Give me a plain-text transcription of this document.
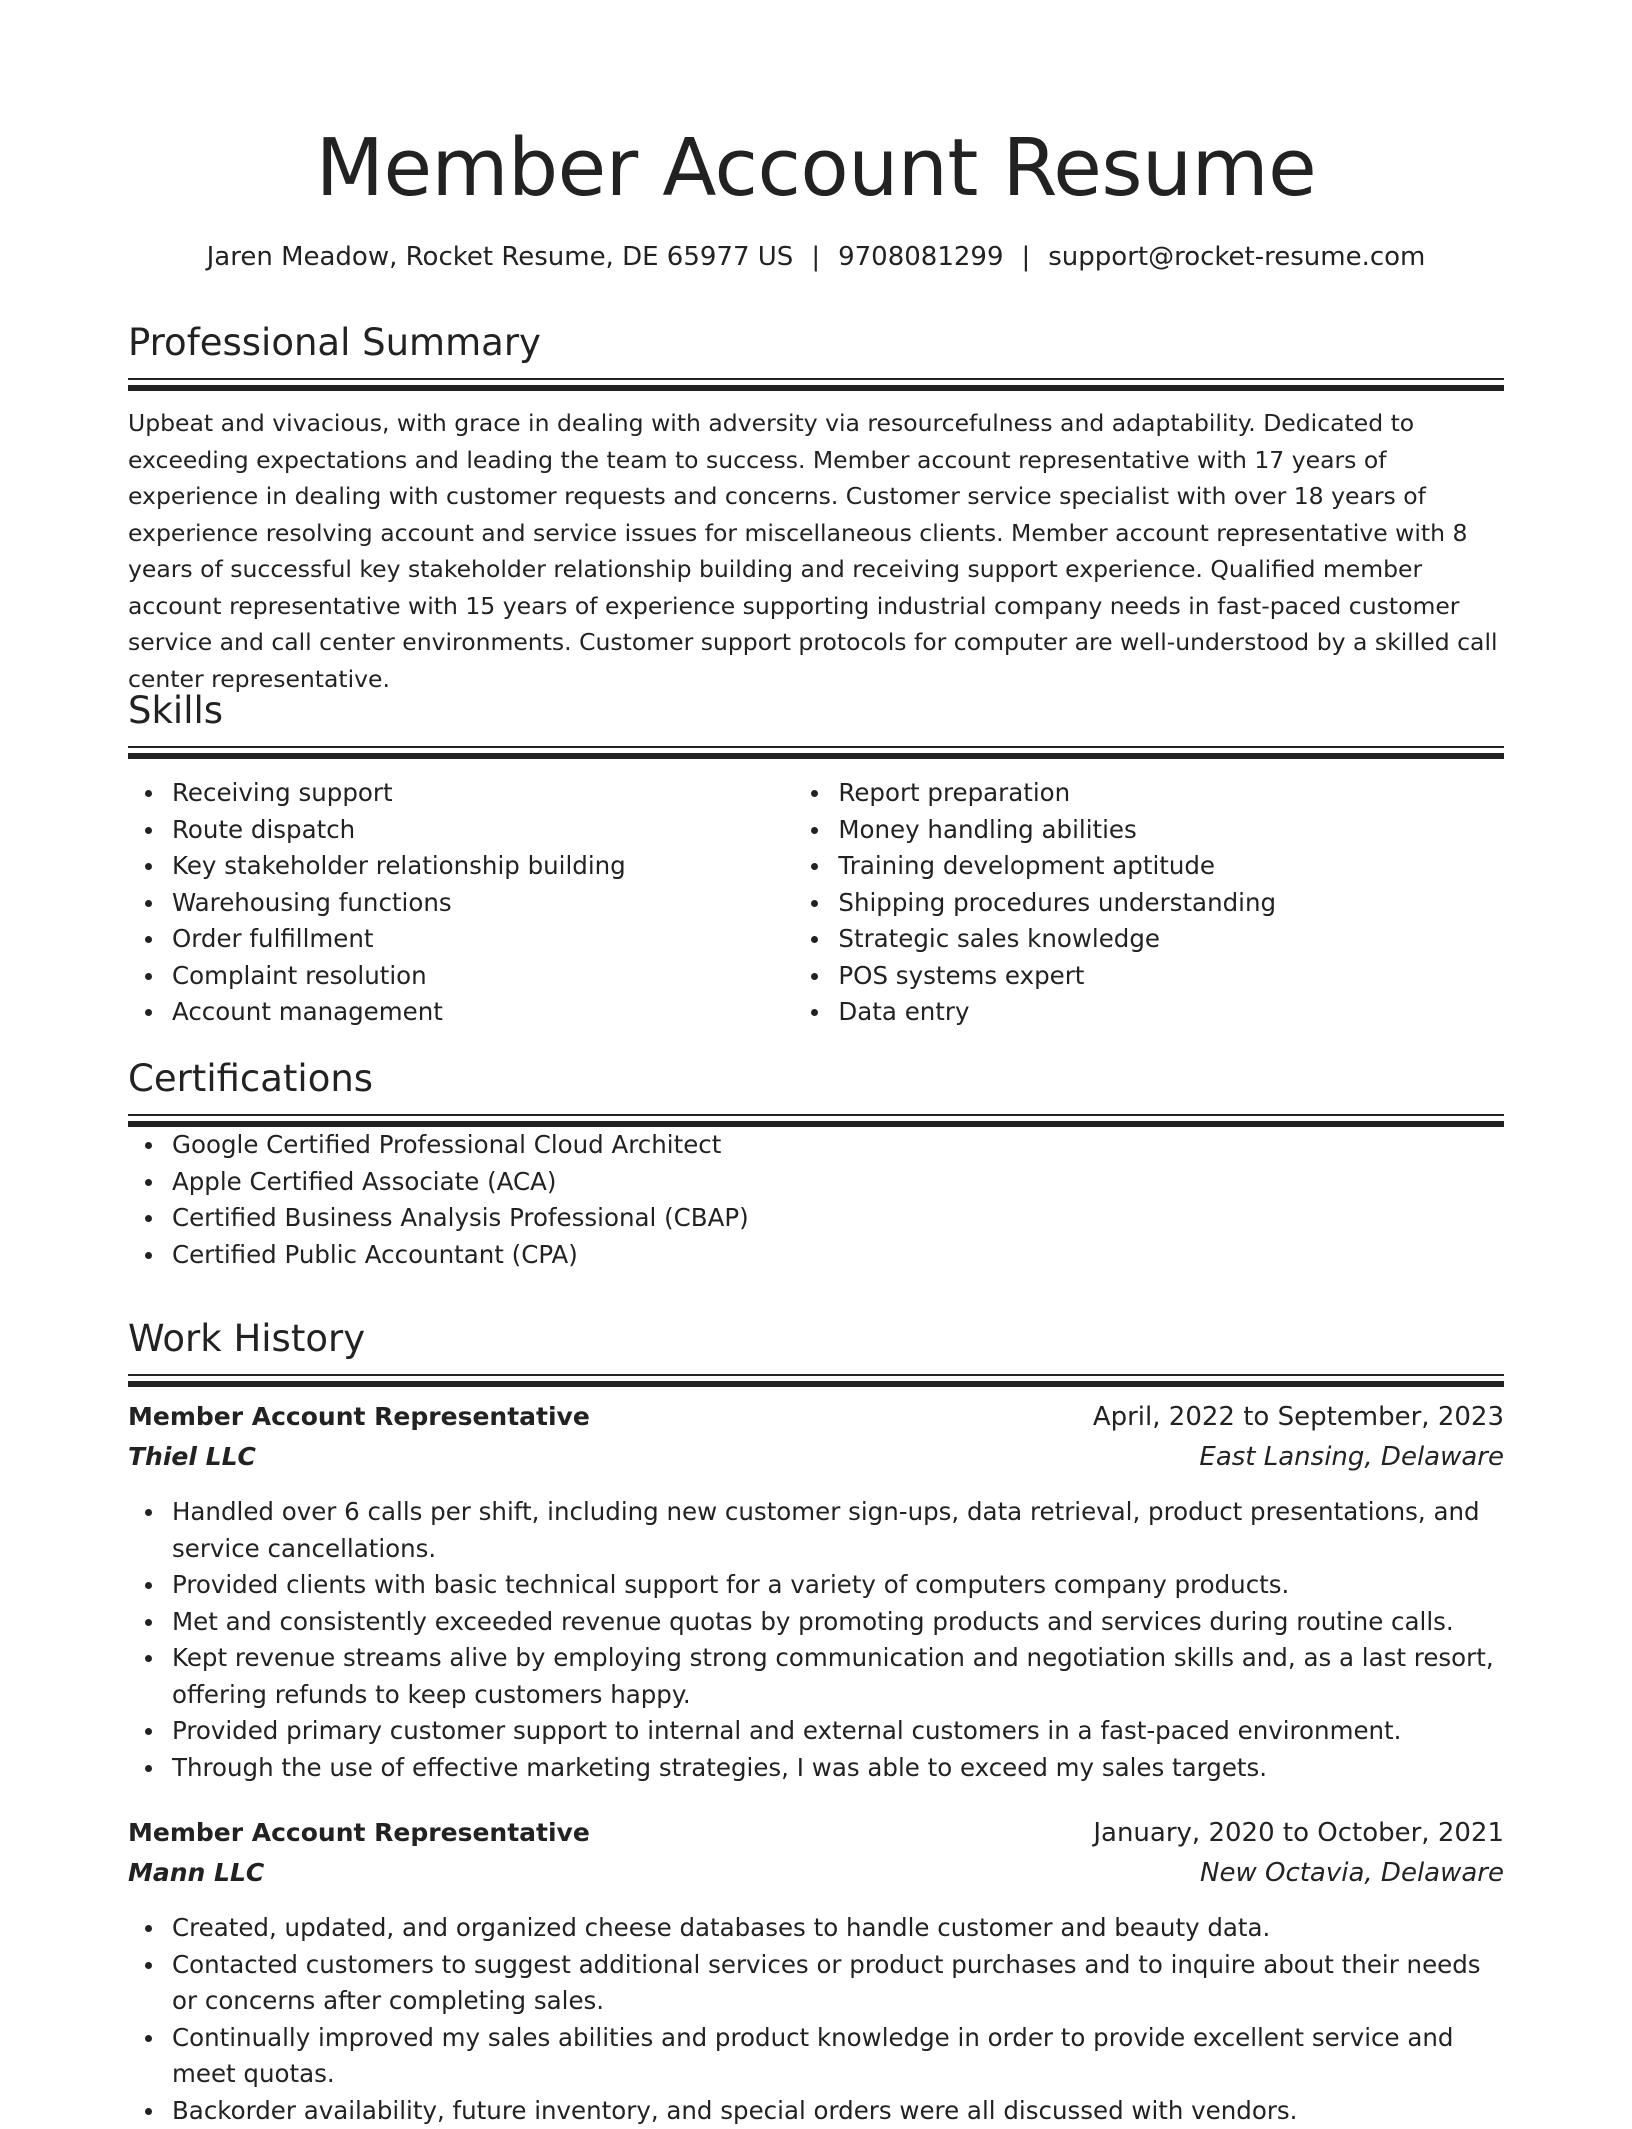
Member Account Resume
Jaren Meadow, Rocket Resume, DE 65977 US | 9708081299 | support@rocket-resume.com
Professional Summary

Upbeat and vivacious, with grace in dealing with adversity via resourcefulness and adaptability. Dedicated to exceeding expectations and leading the team to success. Member account representative with 17 years of experience in dealing with customer requests and concerns. Customer service specialist with over 18 years of experience resolving account and service issues for miscellaneous clients. Member account representative with 8 years of successful key stakeholder relationship building and receiving support experience. Qualified member account representative with 15 years of experience supporting industrial company needs in fast-paced customer service and call center environments. Customer support protocols for computer are well-understood by a skilled call center representative.

Skills
Receiving support
Route dispatch
Key stakeholder relationship building
Warehousing functions
Order fulfillment
Complaint resolution
Account management
Report preparation
Money handling abilities
Training development aptitude
Shipping procedures understanding
Strategic sales knowledge
POS systems expert
Data entry
Certifications
Google Certified Professional Cloud Architect
Apple Certified Associate (ACA)
Certified Business Analysis Professional (CBAP)
Certified Public Accountant (CPA)
Work History
Member Account Representative	April, 2022 to September, 2023
Thiel LLC	East Lansing, Delaware
Handled over 6 calls per shift, including new customer sign-ups, data retrieval, product presentations, and service cancellations.
Provided clients with basic technical support for a variety of computers company products.
Met and consistently exceeded revenue quotas by promoting products and services during routine calls.
Kept revenue streams alive by employing strong communication and negotiation skills and, as a last resort, offering refunds to keep customers happy.
Provided primary customer support to internal and external customers in a fast-paced environment.
Through the use of effective marketing strategies, I was able to exceed my sales targets.
Member Account Representative	January, 2020 to October, 2021
Mann LLC	New Octavia, Delaware
Created, updated, and organized cheese databases to handle customer and beauty data.
Contacted customers to suggest additional services or product purchases and to inquire about their needs or concerns after completing sales.
Continually improved my sales abilities and product knowledge in order to provide excellent service and meet quotas.
Backorder availability, future inventory, and special orders were all discussed with vendors.
